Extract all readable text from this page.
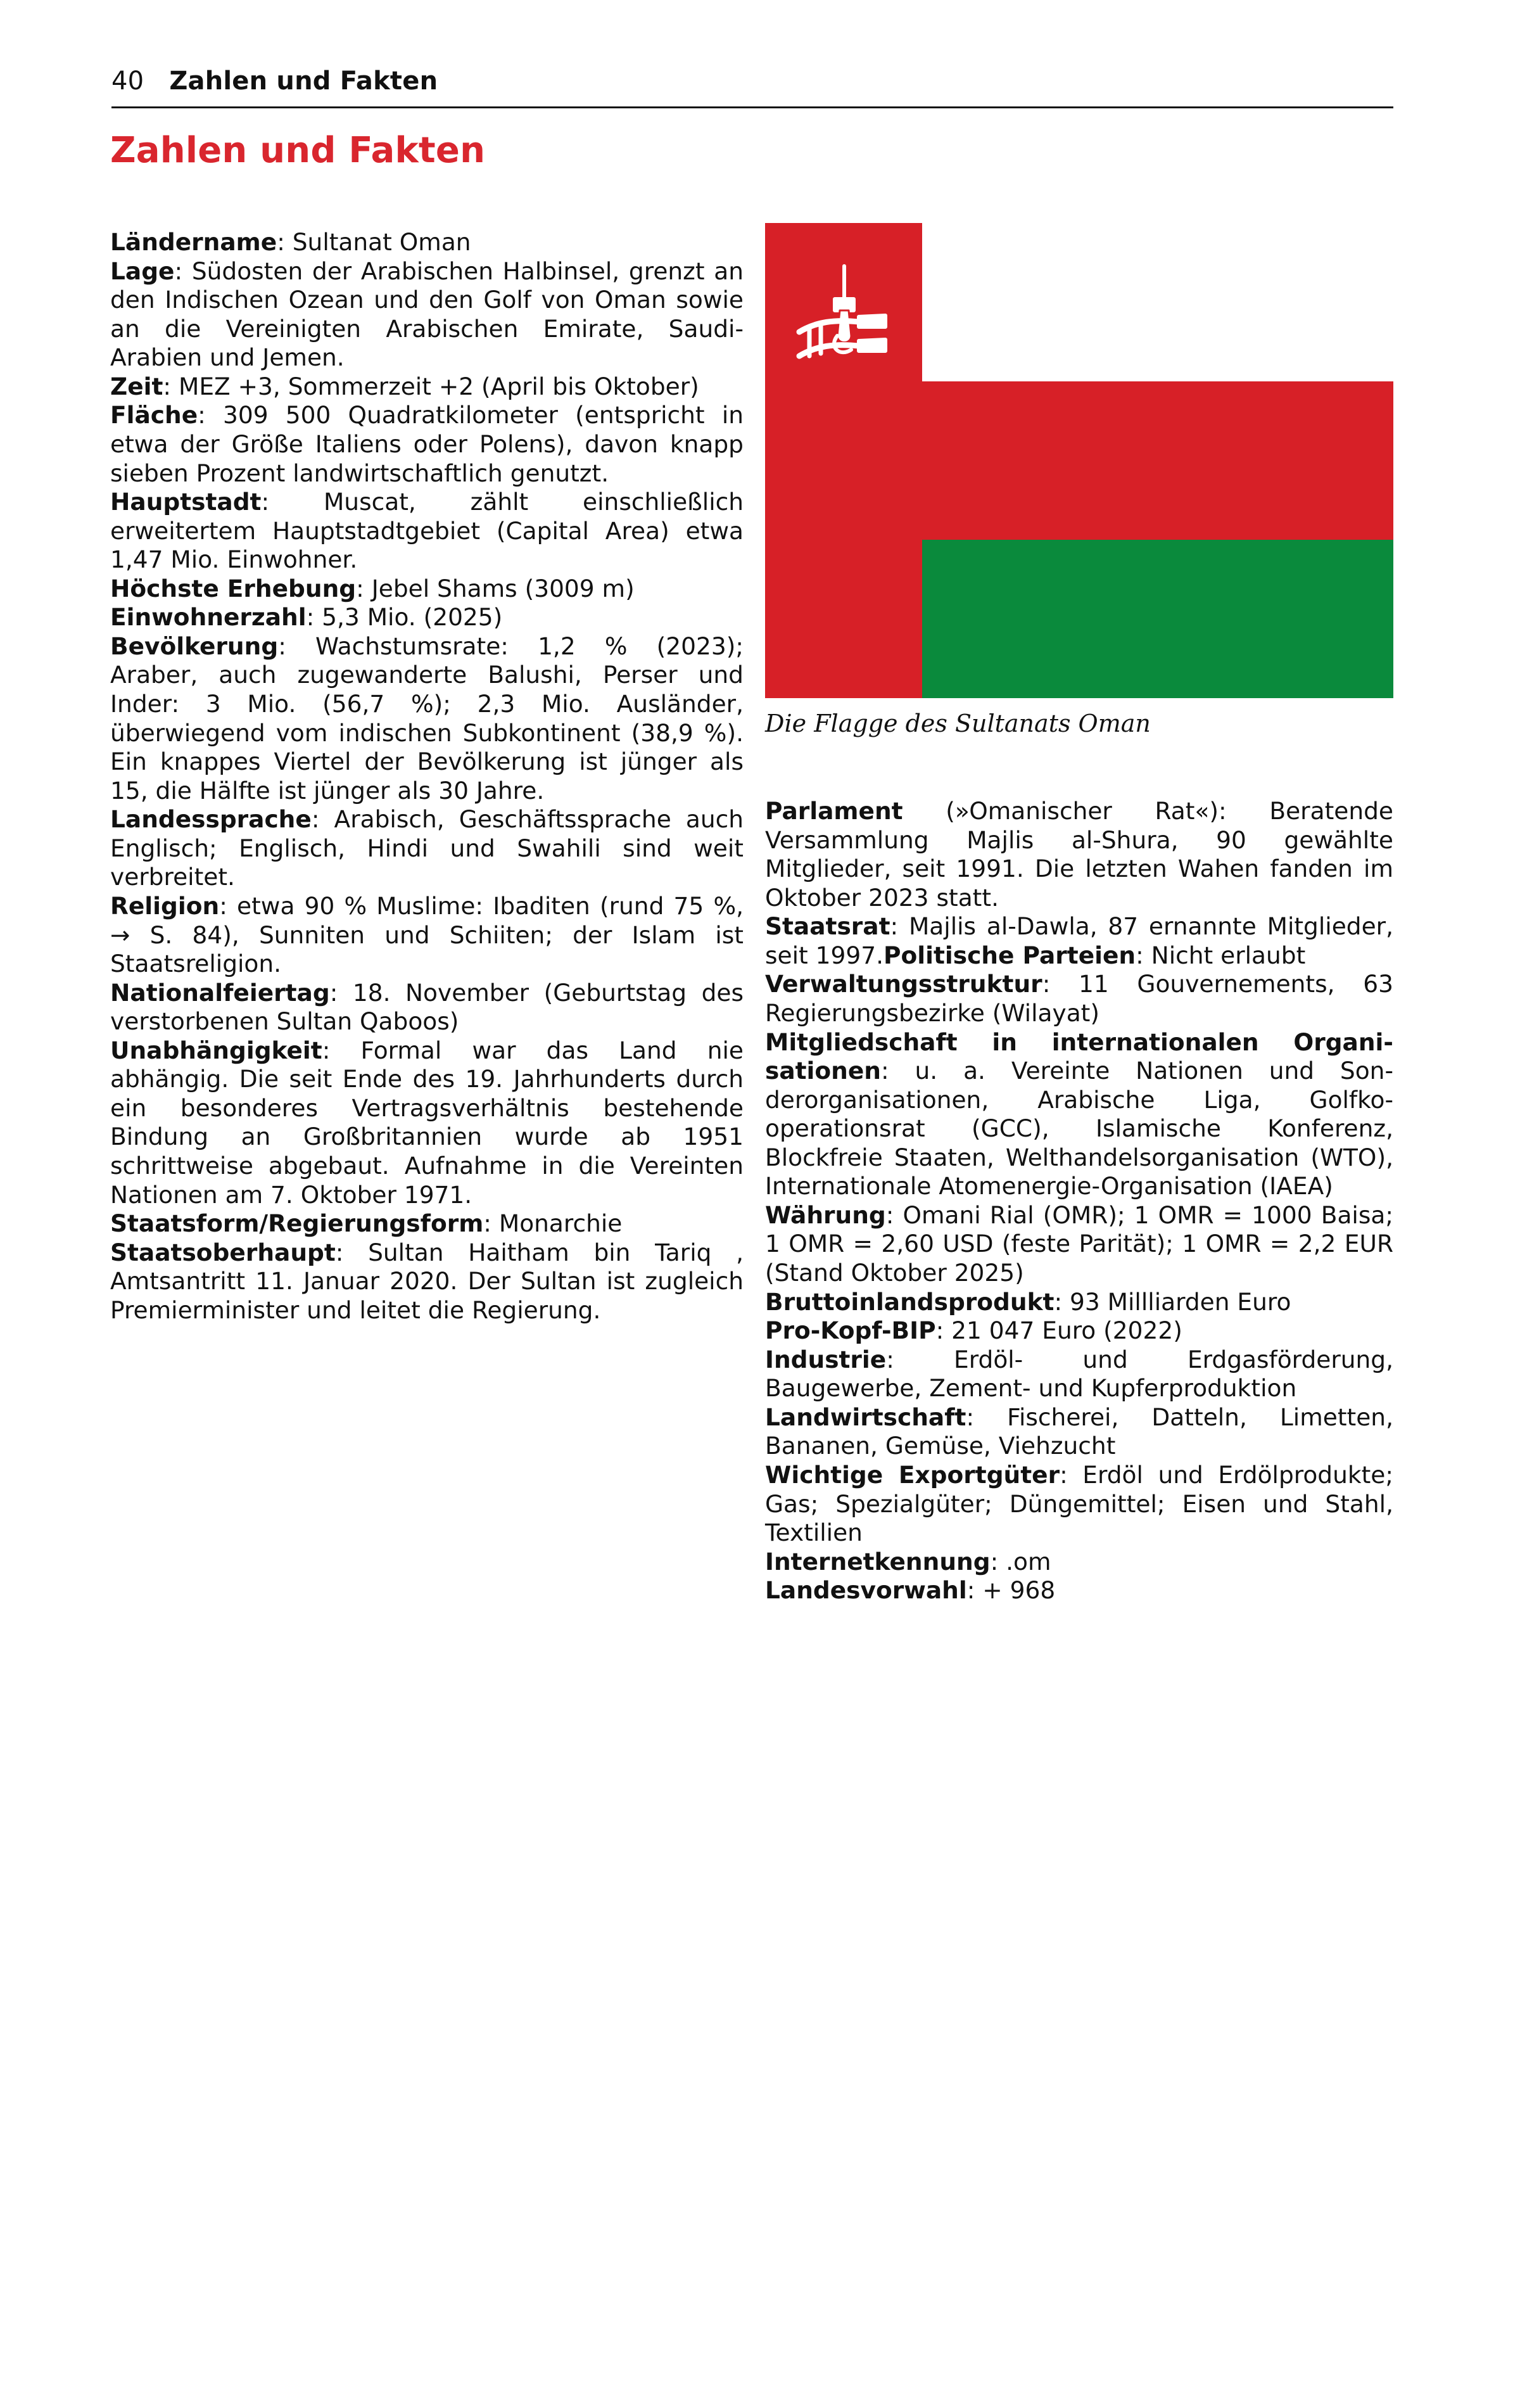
40 Zahlen und Fakten
Zahlen und Fakten
Die Flagge des Sultanats Oman

Ländername: Sultanat Oman

Lage: Südosten der Arabischen Halbinsel, grenzt an den Indischen Ozean und den Golf von Oman sowie an die Vereinigten Arabischen Emirate, Saudi-Arabien und Jemen.

Zeit: MEZ +3, Sommerzeit +2 (April bis Oktober)

Fläche: 309 500 Quadratkilometer (entspricht in etwa der Größe Italiens oder Polens), davon knapp sieben Prozent landwirtschaftlich genutzt.

Hauptstadt: Muscat, zählt einschließlich erweitertem Hauptstadtgebiet (Capital Area) etwa 1,47 Mio. Einwohner.

Höchste Erhebung: Jebel Shams (3009 m)

Einwohnerzahl: 5,3 Mio. (2025)

Bevölkerung: Wachstumsrate: 1,2 % (2023); Araber, auch zugewanderte Balushi, Perser und Inder: 3 Mio. (56,7 %); 2,3 Mio. Ausländer, überwiegend vom indischen Subkontinent (38,9 %). Ein knappes Viertel der Bevölkerung ist jünger als 15, die Hälfte ist jünger als 30 Jahre.

Landessprache: Arabisch, Geschäftssprache auch Englisch; Englisch, Hindi und Swahili sind weit verbreitet.

Religion: etwa 90 % Muslime: Ibaditen (rund 75 %, → S. 84), Sunniten und Schiiten; der Islam ist Staatsreligion.

Nationalfeiertag: 18. November (Geburtstag des verstorbenen Sultan Qaboos)

Unabhängigkeit: Formal war das Land nie abhängig. Die seit Ende des 19. Jahrhunderts durch ein besonderes Vertragsverhältnis bestehende Bindung an Großbritannien wurde ab 1951 schrittweise abgebaut. Aufnahme in die Vereinten Nationen am 7. Oktober 1971.

Staatsform/Regierungsform: Monarchie

Staatsoberhaupt: Sultan Haitham bin Tariq , Amtsantritt 11. Januar 2020. Der Sultan ist zugleich Premierminister und leitet die Regierung.

Parlament (»Omanischer Rat«): Beratende Versammlung Majlis al-Shura, 90 gewählte Mitglieder, seit 1991. Die letzten Wahen fanden im Oktober 2023 statt.

Staatsrat: Majlis al-Dawla, 87 ernannte Mitglieder, seit 1997.Politische Parteien: Nicht erlaubt

Verwaltungsstruktur: 11 Gouvernements, 63 Regierungsbezirke (Wilayat)

Mitgliedschaft in internationalen Organisationen: u. a. Vereinte Nationen und Sonderorganisationen, Arabische Liga, Golfkooperationsrat (GCC), Islamische Konferenz, Blockfreie Staaten, Welthandelsorganisation (WTO), Internationale Atomenergie-Organisation (IAEA)

Währung: Omani Rial (OMR); 1 OMR = 1000 Baisa; 1 OMR = 2,60 USD (feste Parität); 1 OMR = 2,2 EUR (Stand Oktober 2025)

Bruttoinlandsprodukt: 93 Millliarden Euro

Pro-Kopf-BIP: 21 047 Euro (2022)

Industrie: Erdöl- und Erdgasförderung, Baugewerbe, Zement- und Kupferproduktion

Landwirtschaft: Fischerei, Datteln, Limetten, Bananen, Gemüse, Viehzucht

Wichtige Exportgüter: Erdöl und Erdölprodukte; Gas; Spezialgüter; Düngemittel; Eisen und Stahl, Textilien

Internetkennung: .om

Landesvorwahl: + 968
